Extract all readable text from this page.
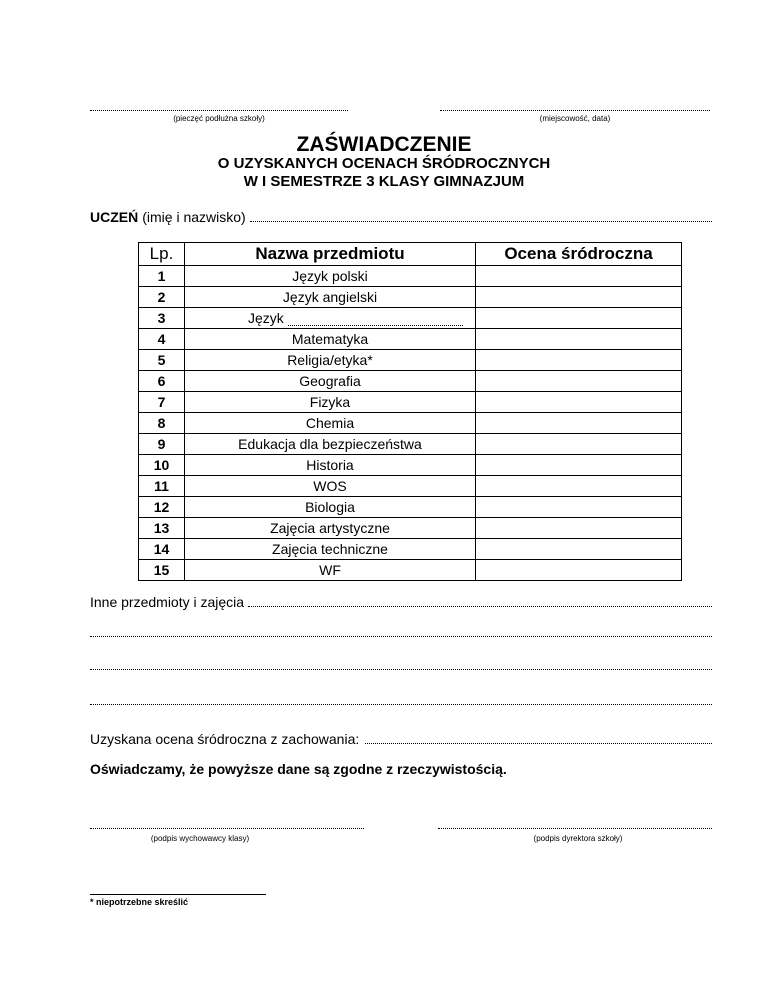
(pieczęć podłużna szkoły)	(miejscowość, data)
ZAŚWIADCZENIE
O UZYSKANYCH OCENACH ŚRÓDROCZNYCH
W I SEMESTRZE 3 KLASY GIMNAZJUM
UCZEŃ (imię i nazwisko)
Lp.	Nazwa przedmiotu	Ocena śródroczna
1	Język polski	
2	Język angielski	
3	Język	
4	Matematyka	
5	Religia/etyka*	
6	Geografia	
7	Fizyka	
8	Chemia	
9	Edukacja dla bezpieczeństwa	
10	Historia	
11	WOS	
12	Biologia	
13	Zajęcia artystyczne	
14	Zajęcia techniczne	
15	WF	
Inne przedmioty i zajęcia
Uzyskana ocena śródroczna z zachowania:
Oświadczamy, że powyższe dane są zgodne z rzeczywistością.
(podpis wychowawcy klasy)	(podpis dyrektora szkoły)
* niepotrzebne skreślić
